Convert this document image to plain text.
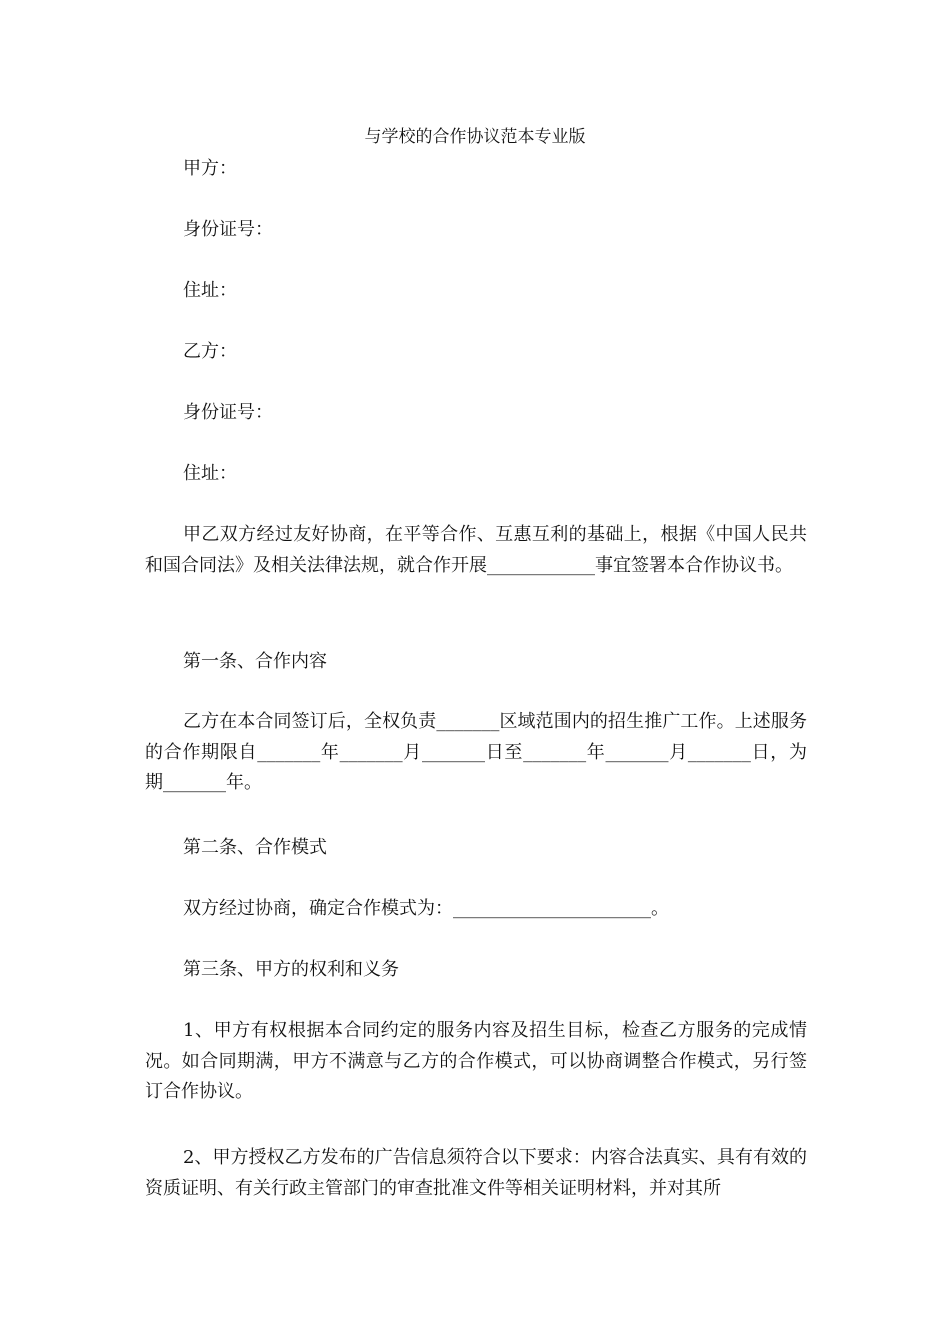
与学校的合作协议范本专业版
甲方：
身份证号：
住址：
乙方：
身份证号：
住址：
甲乙双方经过友好协商，在平等合作、互惠互利的基础上，根据《中国人民共和国合同法》及相关法律法规，就合作开展____________事宜签署本合作协议书。
第一条、合作内容
乙方在本合同签订后，全权负责_______区域范围内的招生推广工作。上述服务的合作期限自_______年_______月_______日至_______年_______月_______日，为期_______年。
第二条、合作模式
双方经过协商，确定合作模式为：______________________。
第三条、甲方的权利和义务
1、甲方有权根据本合同约定的服务内容及招生目标，检查乙方服务的完成情况。如合同期满，甲方不满意与乙方的合作模式，可以协商调整合作模式，另行签订合作协议。
2、甲方授权乙方发布的广告信息须符合以下要求：内容合法真实、具有有效的资质证明、有关行政主管部门的审查批准文件等相关证明材料，并对其所
